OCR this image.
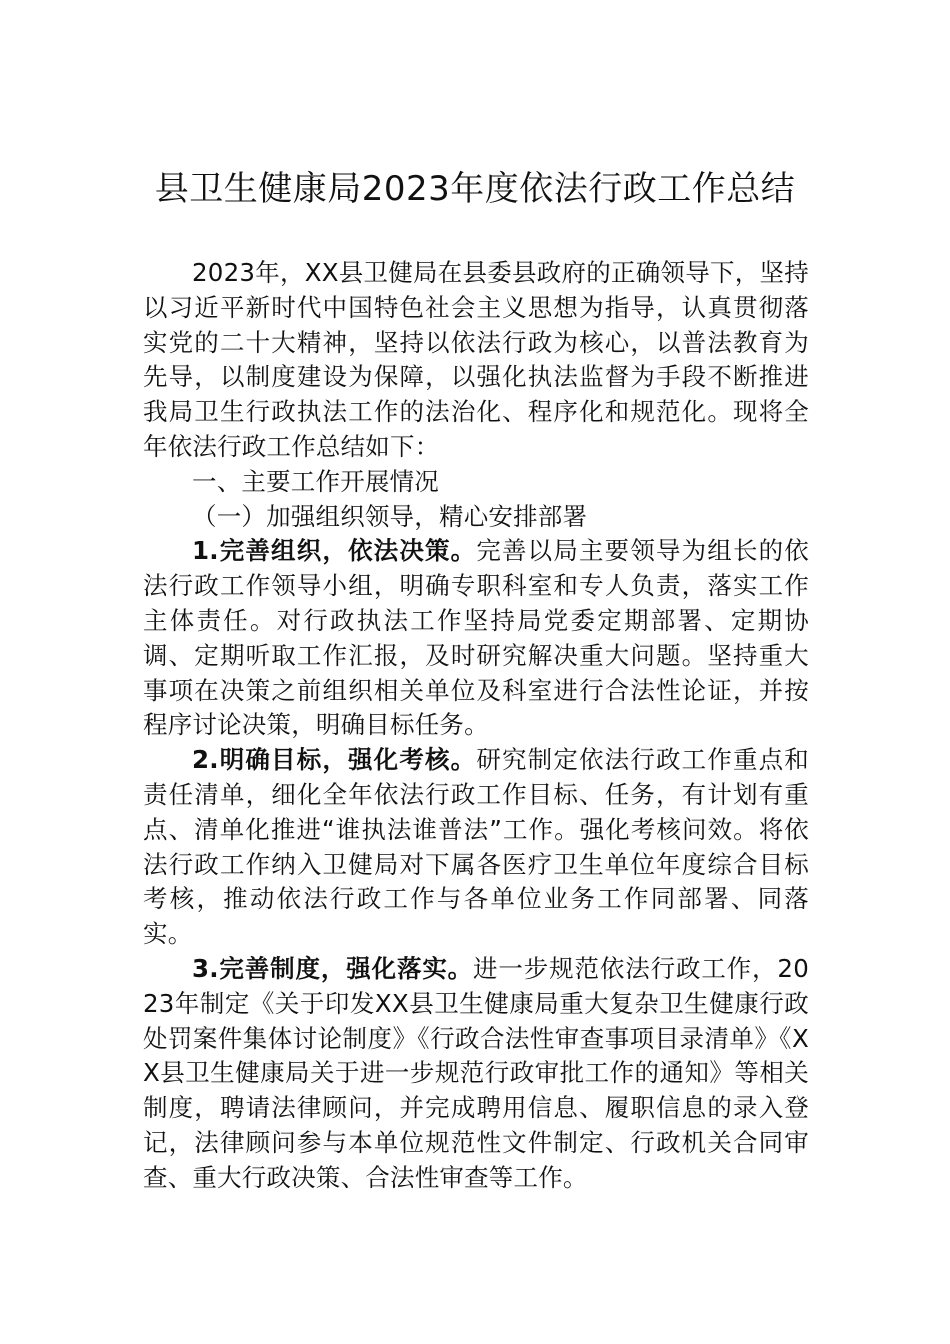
县卫生健康局2023年度依法行政工作总结

2023年，XX县卫健局在县委县政府的正确领导下，坚持以习近平新时代中国特色社会主义思想为指导，认真贯彻落实党的二十大精神，坚持以依法行政为核心，以普法教育为先导，以制度建设为保障，以强化执法监督为手段不断推进我局卫生行政执法工作的法治化、程序化和规范化。现将全年依法行政工作总结如下：

一、主要工作开展情况

（一）加强组织领导，精心安排部署

1.完善组织，依法决策。完善以局主要领导为组长的依法行政工作领导小组，明确专职科室和专人负责，落实工作主体责任。对行政执法工作坚持局党委定期部署、定期协调、定期听取工作汇报，及时研究解决重大问题。坚持重大事项在决策之前组织相关单位及科室进行合法性论证，并按程序讨论决策，明确目标任务。

2.明确目标，强化考核。研究制定依法行政工作重点和责任清单，细化全年依法行政工作目标、任务，有计划有重点、清单化推进“谁执法谁普法”工作。强化考核问效。将依法行政工作纳入卫健局对下属各医疗卫生单位年度综合目标考核，推动依法行政工作与各单位业务工作同部署、同落实。

3.完善制度，强化落实。进一步规范依法行政工作，2023年制定《关于印发XX县卫生健康局重大复杂卫生健康行政处罚案件集体讨论制度》《行政合法性审查事项目录清单》《XX县卫生健康局关于进一步规范行政审批工作的通知》等相关制度，聘请法律顾问，并完成聘用信息、履职信息的录入登记，法律顾问参与本单位规范性文件制定、行政机关合同审查、重大行政决策、合法性审查等工作。
